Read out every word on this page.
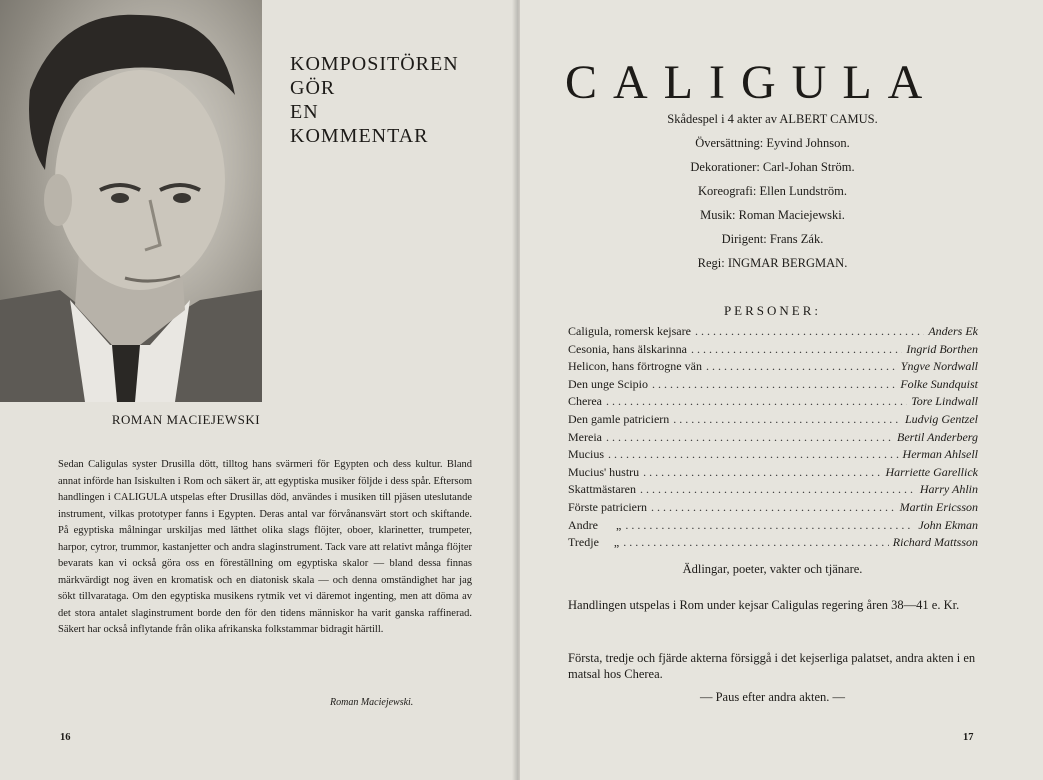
KOMPOSITÖREN
GÖR
EN
KOMMENTAR
ROMAN MACIEJEWSKI
Sedan Caligulas syster Drusilla dött, tilltog hans svärmeri för Egypten och dess kultur. Bland annat införde han Isiskulten i Rom och säkert är, att egyptiska musiker följde i dess spår. Eftersom handlingen i CALIGULA utspelas efter Drusillas död, användes i musiken till pjäsen uteslutande instrument, vilkas prototyper fanns i Egypten. Deras antal var förvånansvärt stort och skiftande. På egyptiska målningar urskiljas med lätthet olika slags flöjter, oboer, klarinetter, trumpeter, harpor, cytror, trummor, kastanjetter och andra slaginstrument. Tack vare att relativt många flöjter bevarats kan vi också göra oss en föreställning om egyptiska skalor — bland dessa finnas märkvärdigt nog även en kromatisk och en diatonisk skala — och denna omständighet har jag sökt tillvaratagа. Om den egyptiska musikens rytmik vet vi däremot ingenting, men att döma av det stora antalet slaginstrument borde den för den tidens människor ha varit ganska raffinerad. Säkert har också inflytande från olika afrikanska folkstammar bidragit härtill.
Roman Maciejewski.
16
CALIGULA
Skådespel i 4 akter av ALBERT CAMUS.
Översättning: Eyvind Johnson.
Dekorationer: Carl-Johan Ström.
Koreografi: Ellen Lundström.
Musik: Roman Maciejewski.
Dirigent: Frans Zák.
Regi: INGMAR BERGMAN.
PERSONER:
Caligula, romersk kejsare . . .	Anders Ek
Cesonia, hans älskarinna . . .	Ingrid Borthen
Helicon, hans förtrogne vän . . .	Yngve Nordwall
Den unge Scipio . . .	Folke Sundquist
Cherea . . .	Tore Lindwall
Den gamle patriciern . . .	Ludvig Gentzel
Mereia . . .	Bertil Anderberg
Mucius . . .	Herman Ahlsell
Mucius' hustru . . .	Harriette Garellick
Skattmästaren . . .	Harry Ahlin
Förste patriciern . . .	Martin Ericsson
Andre      „ . . .	John Ekman
Tredje     „ . . .	Richard Mattsson
Ädlingar, poeter, vakter och tjänare.
Handlingen utspelas i Rom under kejsar Caligulas regering åren 38—41 e. Kr.
Första, tredje och fjärde akterna försiggå i det kejserliga palatset, andra akten i en matsal hos Cherea.
— Paus efter andra akten. —
17
